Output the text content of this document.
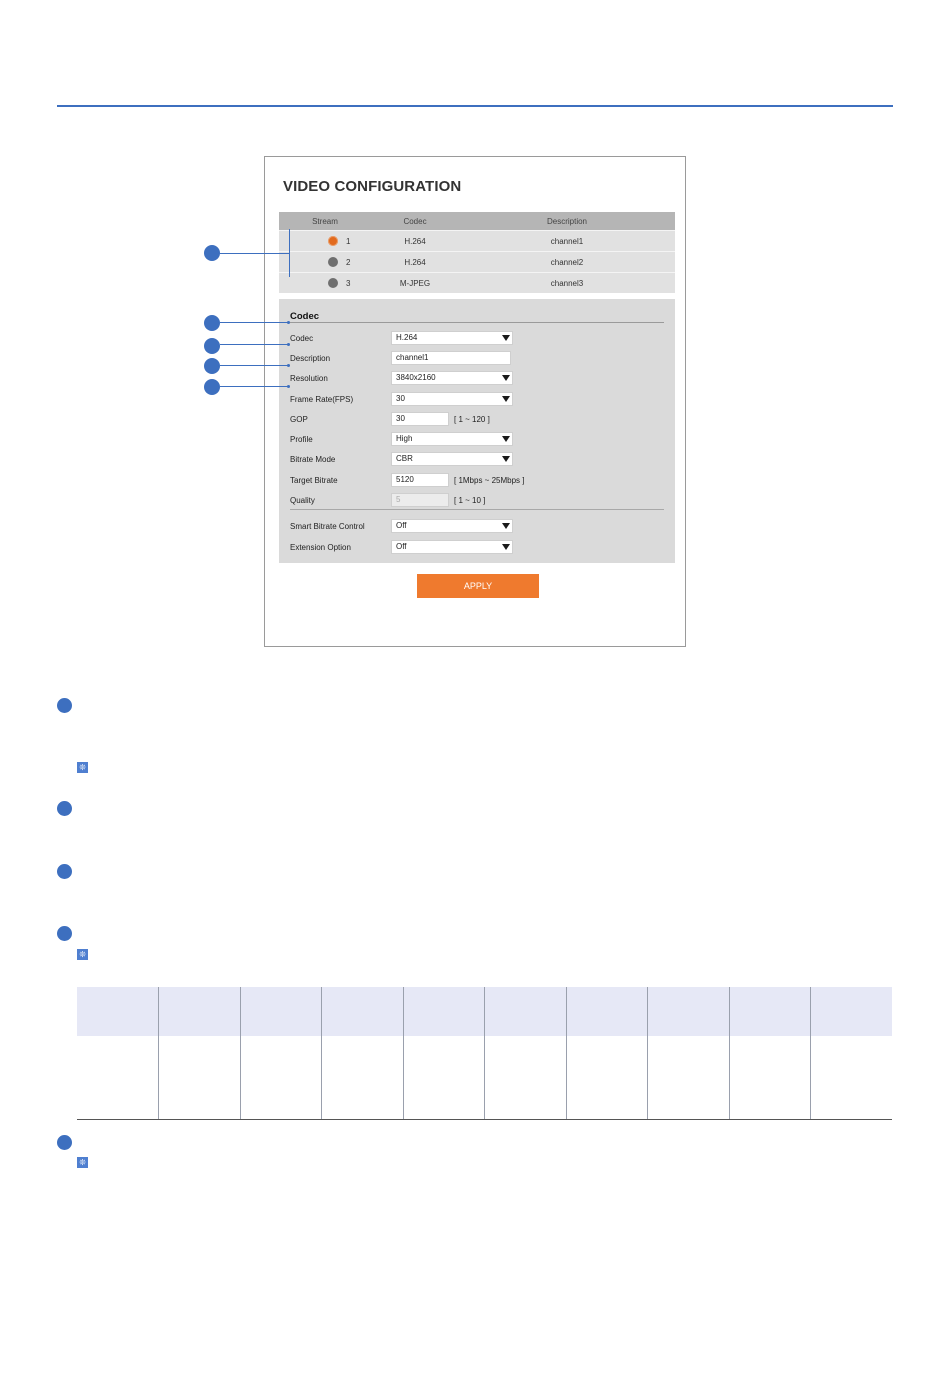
VIDEO CONFIGURATION
Stream	Codec	Description
1	H.264	channel1
2	H.264	channel2
3	M-JPEG	channel3
Codec
Codec	H.264
Description	channel1
Resolution	3840x2160
Frame Rate(FPS)	30
GOP	30	[ 1 ~ 120 ]
Profile	High
Bitrate Mode	CBR
Target Bitrate	5120	[ 1Mbps ~ 25Mbps ]
Quality	5	[ 1 ~ 10 ]
Smart Bitrate Control	Off
Extension Option	Off
APPLY
❊
❊

❊
